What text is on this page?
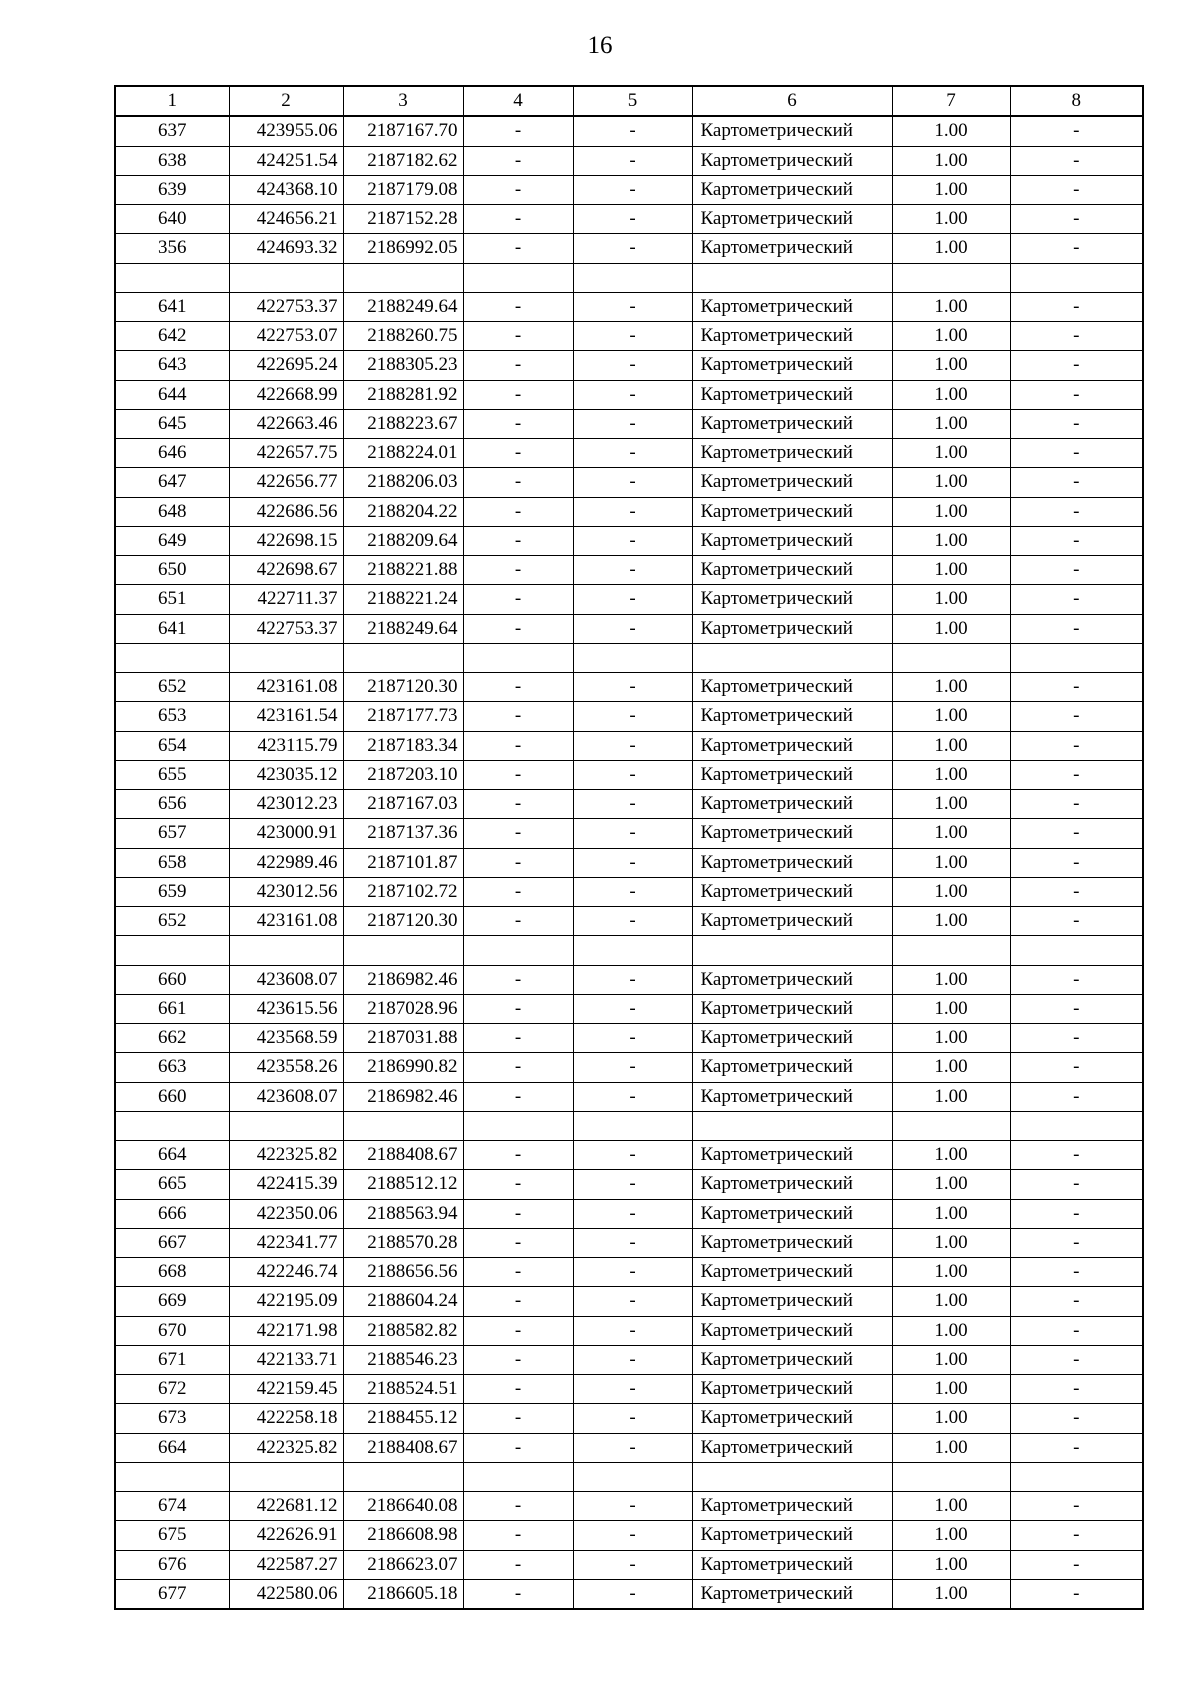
16
1	2	3	4	5	6	7	8
637	423955.06	2187167.70	-	-	Картометрический	1.00	-
638	424251.54	2187182.62	-	-	Картометрический	1.00	-
639	424368.10	2187179.08	-	-	Картометрический	1.00	-
640	424656.21	2187152.28	-	-	Картометрический	1.00	-
356	424693.32	2186992.05	-	-	Картометрический	1.00	-

641	422753.37	2188249.64	-	-	Картометрический	1.00	-
642	422753.07	2188260.75	-	-	Картометрический	1.00	-
643	422695.24	2188305.23	-	-	Картометрический	1.00	-
644	422668.99	2188281.92	-	-	Картометрический	1.00	-
645	422663.46	2188223.67	-	-	Картометрический	1.00	-
646	422657.75	2188224.01	-	-	Картометрический	1.00	-
647	422656.77	2188206.03	-	-	Картометрический	1.00	-
648	422686.56	2188204.22	-	-	Картометрический	1.00	-
649	422698.15	2188209.64	-	-	Картометрический	1.00	-
650	422698.67	2188221.88	-	-	Картометрический	1.00	-
651	422711.37	2188221.24	-	-	Картометрический	1.00	-
641	422753.37	2188249.64	-	-	Картометрический	1.00	-

652	423161.08	2187120.30	-	-	Картометрический	1.00	-
653	423161.54	2187177.73	-	-	Картометрический	1.00	-
654	423115.79	2187183.34	-	-	Картометрический	1.00	-
655	423035.12	2187203.10	-	-	Картометрический	1.00	-
656	423012.23	2187167.03	-	-	Картометрический	1.00	-
657	423000.91	2187137.36	-	-	Картометрический	1.00	-
658	422989.46	2187101.87	-	-	Картометрический	1.00	-
659	423012.56	2187102.72	-	-	Картометрический	1.00	-
652	423161.08	2187120.30	-	-	Картометрический	1.00	-

660	423608.07	2186982.46	-	-	Картометрический	1.00	-
661	423615.56	2187028.96	-	-	Картометрический	1.00	-
662	423568.59	2187031.88	-	-	Картометрический	1.00	-
663	423558.26	2186990.82	-	-	Картометрический	1.00	-
660	423608.07	2186982.46	-	-	Картометрический	1.00	-

664	422325.82	2188408.67	-	-	Картометрический	1.00	-
665	422415.39	2188512.12	-	-	Картометрический	1.00	-
666	422350.06	2188563.94	-	-	Картометрический	1.00	-
667	422341.77	2188570.28	-	-	Картометрический	1.00	-
668	422246.74	2188656.56	-	-	Картометрический	1.00	-
669	422195.09	2188604.24	-	-	Картометрический	1.00	-
670	422171.98	2188582.82	-	-	Картометрический	1.00	-
671	422133.71	2188546.23	-	-	Картометрический	1.00	-
672	422159.45	2188524.51	-	-	Картометрический	1.00	-
673	422258.18	2188455.12	-	-	Картометрический	1.00	-
664	422325.82	2188408.67	-	-	Картометрический	1.00	-

674	422681.12	2186640.08	-	-	Картометрический	1.00	-
675	422626.91	2186608.98	-	-	Картометрический	1.00	-
676	422587.27	2186623.07	-	-	Картометрический	1.00	-
677	422580.06	2186605.18	-	-	Картометрический	1.00	-
